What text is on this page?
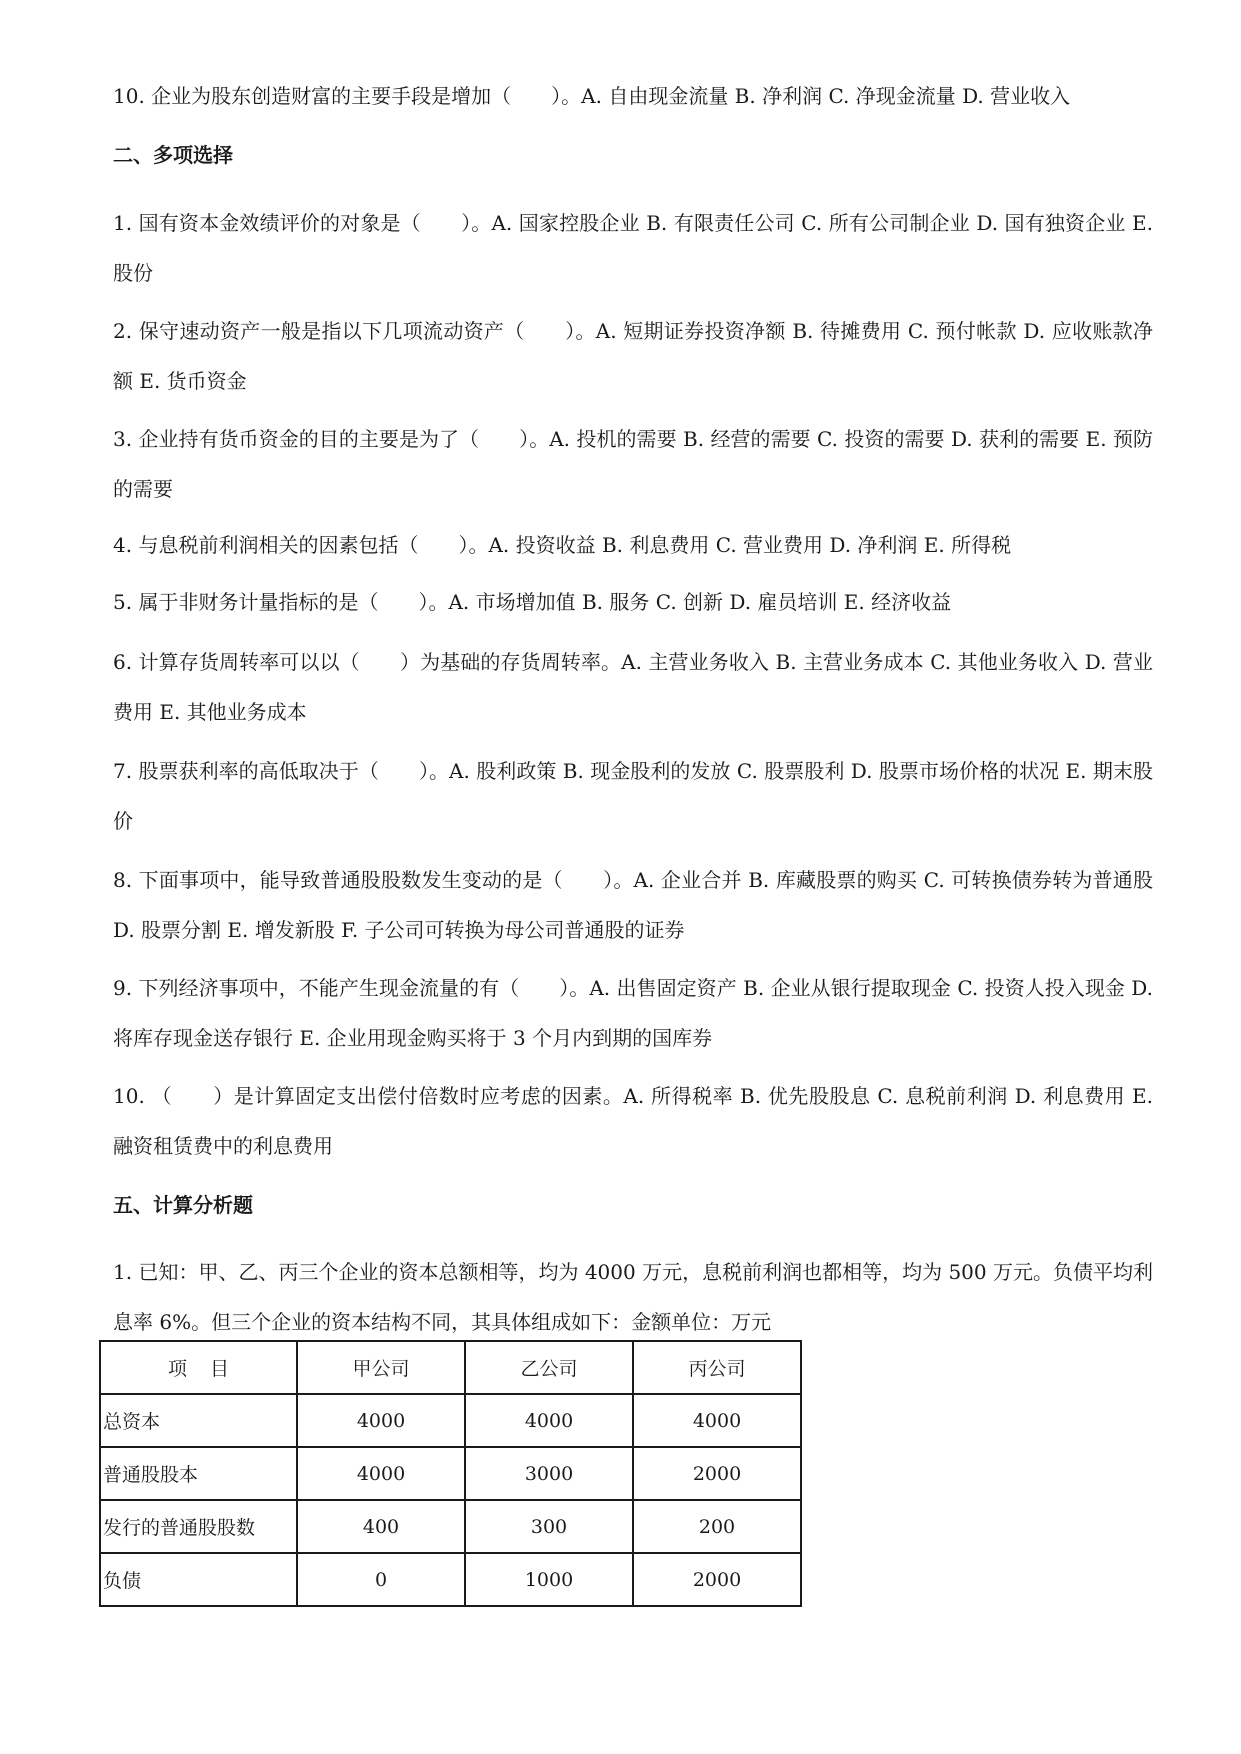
10. 企业为股东创造财富的主要手段是增加（　　）。A. 自由现金流量 B. 净利润 C. 净现金流量 D. 营业收入

二、多项选择

1. 国有资本金效绩评价的对象是（　　）。A. 国家控股企业 B. 有限责任公司 C. 所有公司制企业 D. 国有独资企业 E. 股份

2. 保守速动资产一般是指以下几项流动资产（　　）。A. 短期证券投资净额 B. 待摊费用 C. 预付帐款 D. 应收账款净额 E. 货币资金

3. 企业持有货币资金的目的主要是为了（　　）。A. 投机的需要 B. 经营的需要 C. 投资的需要 D. 获利的需要 E. 预防的需要

4. 与息税前利润相关的因素包括（　　）。A. 投资收益 B. 利息费用 C. 营业费用 D. 净利润 E. 所得税

5. 属于非财务计量指标的是（　　）。A. 市场增加值 B. 服务 C. 创新 D. 雇员培训 E. 经济收益

6. 计算存货周转率可以以（　　）为基础的存货周转率。A. 主营业务收入 B. 主营业务成本 C. 其他业务收入 D. 营业费用 E. 其他业务成本

7. 股票获利率的高低取决于（　　）。A. 股利政策 B. 现金股利的发放 C. 股票股利 D. 股票市场价格的状况 E. 期末股价

8. 下面事项中，能导致普通股股数发生变动的是（　　）。A. 企业合并 B. 库藏股票的购买 C. 可转换债券转为普通股 D. 股票分割 E. 增发新股 F. 子公司可转换为母公司普通股的证券

9. 下列经济事项中，不能产生现金流量的有（　　）。A. 出售固定资产 B. 企业从银行提取现金 C. 投资人投入现金 D. 将库存现金送存银行 E. 企业用现金购买将于 3 个月内到期的国库券

10. （　　）是计算固定支出偿付倍数时应考虑的因素。A. 所得税率 B. 优先股股息 C. 息税前利润 D. 利息费用 E. 融资租赁费中的利息费用

五、计算分析题

1. 已知：甲、乙、丙三个企业的资本总额相等，均为 4000 万元，息税前利润也都相等，均为 500 万元。负债平均利息率 6%。但三个企业的资本结构不同，其具体组成如下：金额单位：万元

项　目	甲公司	乙公司	丙公司
总资本	4000	4000	4000
普通股股本	4000	3000	2000
发行的普通股股数	400	300	200
负债	0	1000	2000
